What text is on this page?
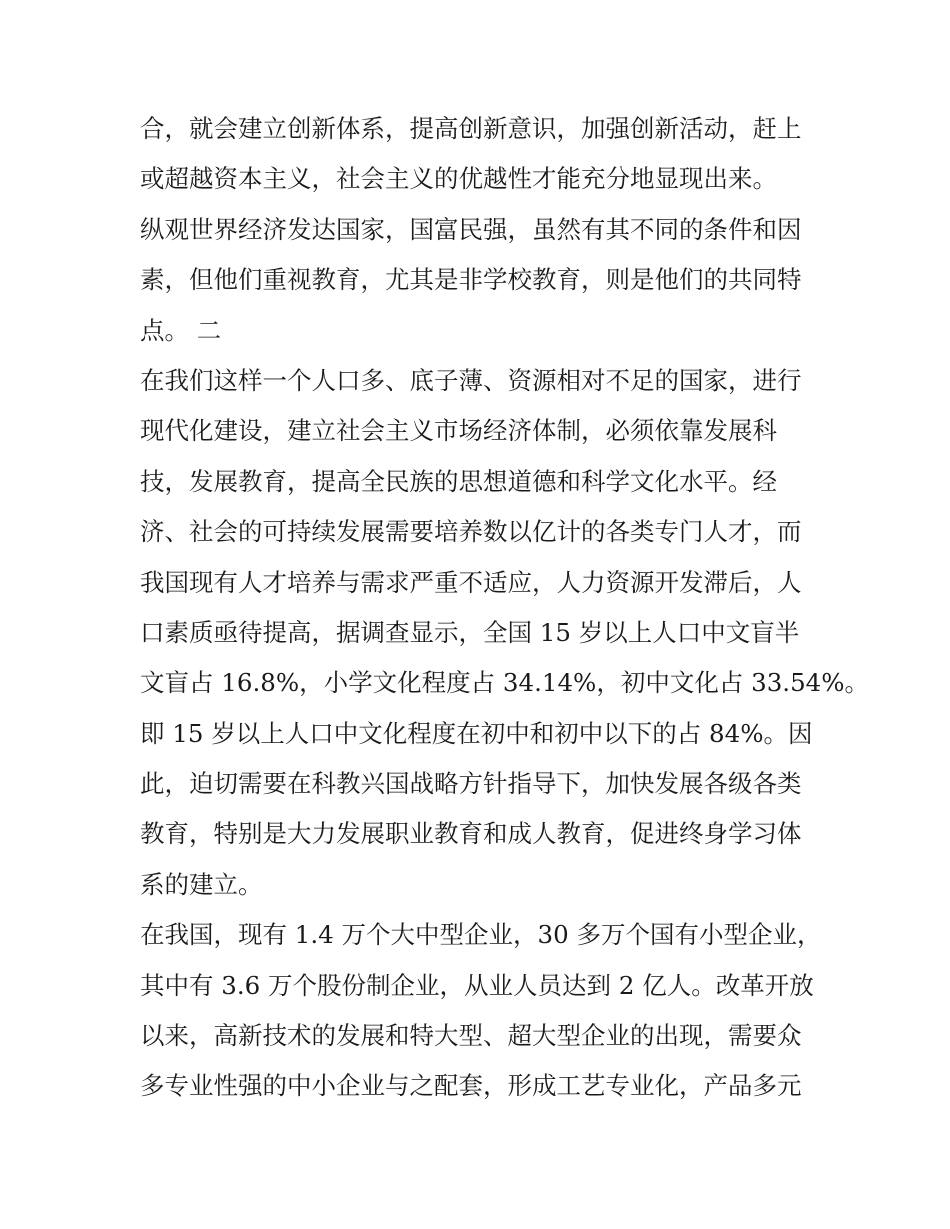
合，就会建立创新体系，提高创新意识，加强创新活动，赶上
或超越资本主义，社会主义的优越性才能充分地显现出来。
纵观世界经济发达国家，国富民强，虽然有其不同的条件和因
素，但他们重视教育，尤其是非学校教育，则是他们的共同特
点。 二
在我们这样一个人口多、底子薄、资源相对不足的国家，进行
现代化建设，建立社会主义市场经济体制，必须依靠发展科
技，发展教育，提高全民族的思想道德和科学文化水平。经
济、社会的可持续发展需要培养数以亿计的各类专门人才，而
我国现有人才培养与需求严重不适应，人力资源开发滞后，人
口素质亟待提高，据调查显示，全国 15 岁以上人口中文盲半
文盲占 16.8%，小学文化程度占 34.14%，初中文化占 33.54%。
即 15 岁以上人口中文化程度在初中和初中以下的占 84%。因
此，迫切需要在科教兴国战略方针指导下，加快发展各级各类
教育，特别是大力发展职业教育和成人教育，促进终身学习体
系的建立。
在我国，现有 1.4 万个大中型企业，30 多万个国有小型企业，
其中有 3.6 万个股份制企业，从业人员达到 2 亿人。改革开放
以来，高新技术的发展和特大型、超大型企业的出现，需要众
多专业性强的中小企业与之配套，形成工艺专业化，产品多元
